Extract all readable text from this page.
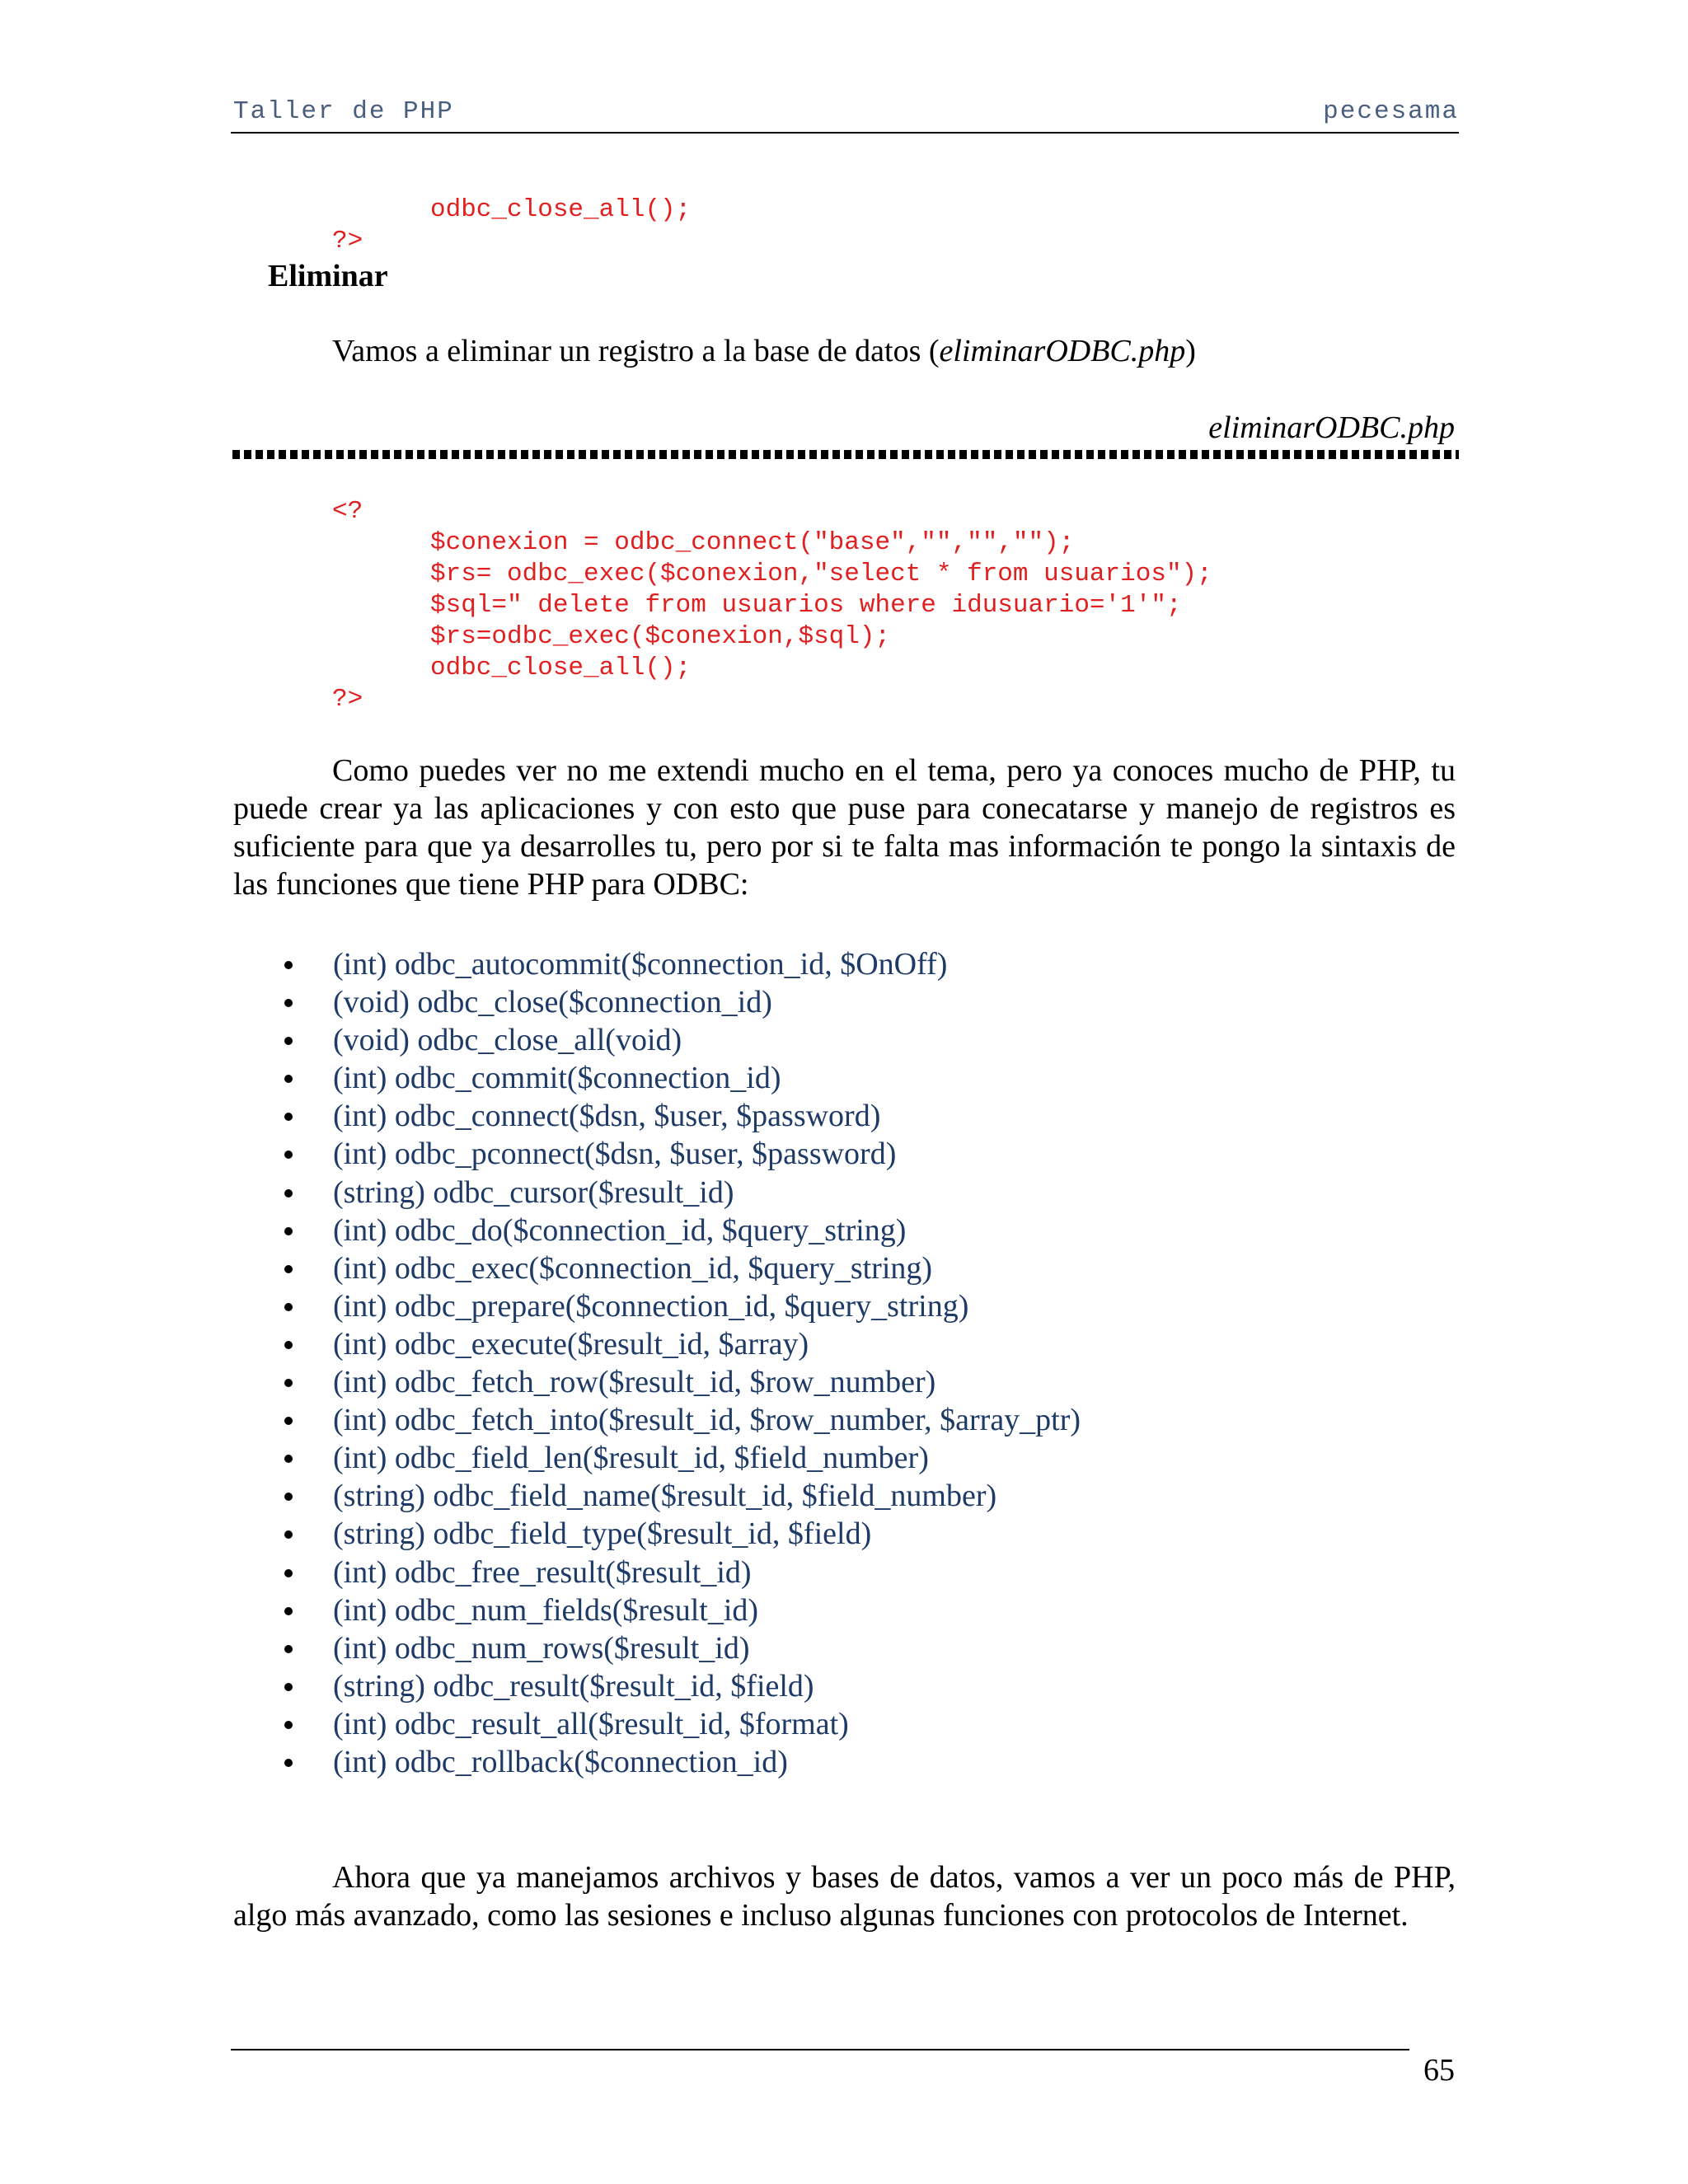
Taller de PHP	pecesama
odbc_close_all();
?>
Eliminar
Vamos a eliminar un registro a la base de datos (eliminarODBC.php)
eliminarODBC.php
<?
$conexion = odbc_connect("base","","","");
$rs= odbc_exec($conexion,"select * from usuarios");
$sql=" delete from usuarios where idusuario='1'";
$rs=odbc_exec($conexion,$sql);
odbc_close_all();
?>
Como puedes ver no me extendi mucho en el tema, pero ya conoces mucho de PHP, tu puede crear ya las aplicaciones y con esto que puse para conecatarse y manejo de registros es suficiente para que ya desarrolles tu, pero por si te falta mas información te pongo la sintaxis de las funciones que tiene PHP para ODBC:
(int) odbc_autocommit($connection_id, $OnOff)
(void) odbc_close($connection_id)
(void) odbc_close_all(void)
(int) odbc_commit($connection_id)
(int) odbc_connect($dsn, $user, $password)
(int) odbc_pconnect($dsn, $user, $password)
(string) odbc_cursor($result_id)
(int) odbc_do($connection_id, $query_string)
(int) odbc_exec($connection_id, $query_string)
(int) odbc_prepare($connection_id, $query_string)
(int) odbc_execute($result_id, $array)
(int) odbc_fetch_row($result_id, $row_number)
(int) odbc_fetch_into($result_id, $row_number, $array_ptr)
(int) odbc_field_len($result_id, $field_number)
(string) odbc_field_name($result_id, $field_number)
(string) odbc_field_type($result_id, $field)
(int) odbc_free_result($result_id)
(int) odbc_num_fields($result_id)
(int) odbc_num_rows($result_id)
(string) odbc_result($result_id, $field)
(int) odbc_result_all($result_id, $format)
(int) odbc_rollback($connection_id)
Ahora que ya manejamos archivos y bases de datos, vamos a ver un poco más de PHP, algo más avanzado, como las sesiones e incluso algunas funciones con protocolos de Internet.
65
